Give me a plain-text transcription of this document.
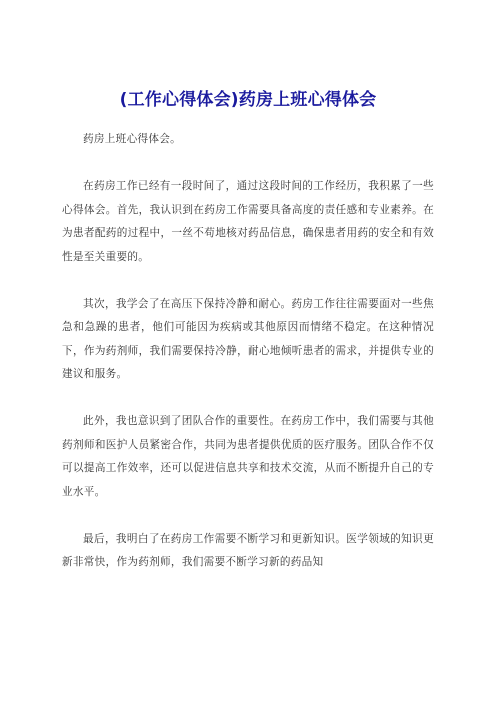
(工作心得体会)药房上班心得体会

药房上班心得体会。

在药房工作已经有一段时间了，通过这段时间的工作经历，我积累了一些心得体会。首先，我认识到在药房工作需要具备高度的责任感和专业素养。在为患者配药的过程中，一丝不苟地核对药品信息，确保患者用药的安全和有效性是至关重要的。

其次，我学会了在高压下保持冷静和耐心。药房工作往往需要面对一些焦急和急躁的患者，他们可能因为疾病或其他原因而情绪不稳定。在这种情况下，作为药剂师，我们需要保持冷静，耐心地倾听患者的需求，并提供专业的建议和服务。

此外，我也意识到了团队合作的重要性。在药房工作中，我们需要与其他药剂师和医护人员紧密合作，共同为患者提供优质的医疗服务。团队合作不仅可以提高工作效率，还可以促进信息共享和技术交流，从而不断提升自己的专业水平。

最后，我明白了在药房工作需要不断学习和更新知识。医学领域的知识更新非常快，作为药剂师，我们需要不断学习新的药品知
